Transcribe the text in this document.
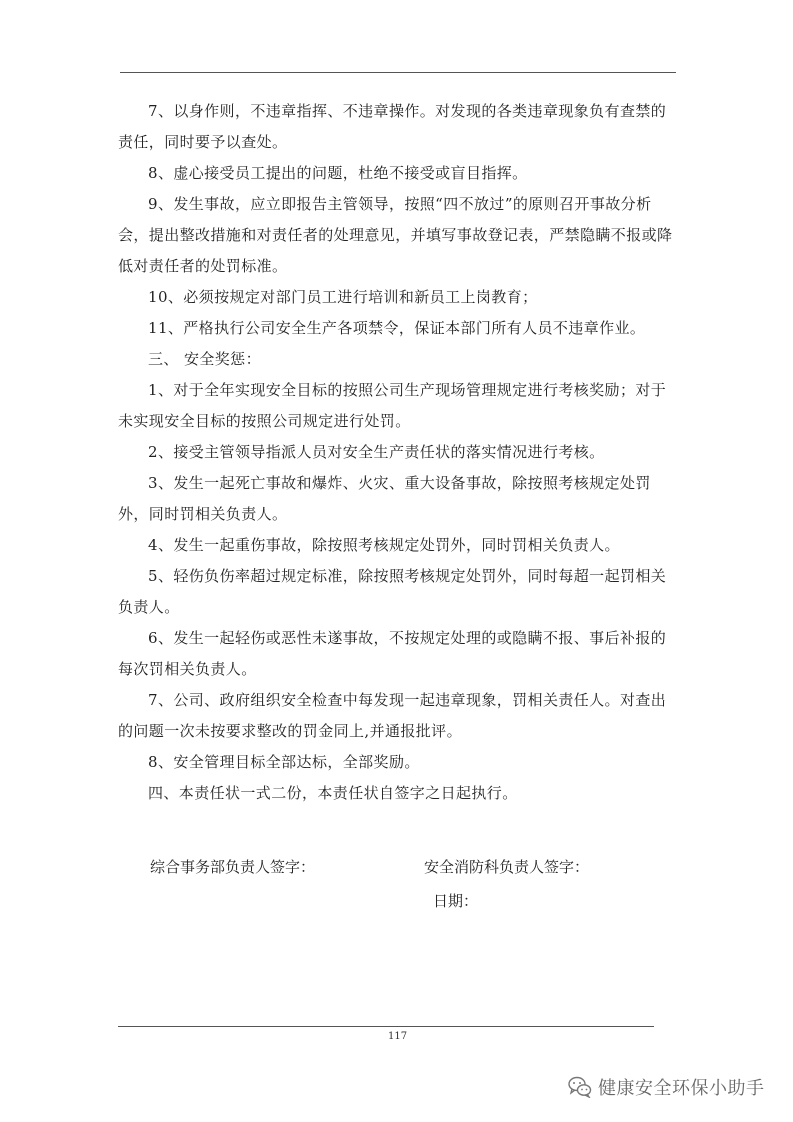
7、以身作则，不违章指挥、不违章操作。对发现的各类违章现象负有查禁的责任，同时要予以查处。

8、虚心接受员工提出的问题，杜绝不接受或盲目指挥。

9、发生事故，应立即报告主管领导，按照“四不放过”的原则召开事故分析会，提出整改措施和对责任者的处理意见，并填写事故登记表，严禁隐瞒不报或降低对责任者的处罚标准。

10、必须按规定对部门员工进行培训和新员工上岗教育；

11、严格执行公司安全生产各项禁令，保证本部门所有人员不违章作业。

三、 安全奖惩：

1、对于全年实现安全目标的按照公司生产现场管理规定进行考核奖励；对于未实现安全目标的按照公司规定进行处罚。

2、接受主管领导指派人员对安全生产责任状的落实情况进行考核。

3、发生一起死亡事故和爆炸、火灾、重大设备事故，除按照考核规定处罚外，同时罚相关负责人。

4、发生一起重伤事故，除按照考核规定处罚外，同时罚相关负责人。

5、轻伤负伤率超过规定标准，除按照考核规定处罚外，同时每超一起罚相关负责人。

6、发生一起轻伤或恶性未遂事故，不按规定处理的或隐瞒不报、事后补报的每次罚相关负责人。

7、公司、政府组织安全检查中每发现一起违章现象，罚相关责任人。对查出的问题一次未按要求整改的罚金同上,并通报批评。

8、安全管理目标全部达标，全部奖励。

四、本责任状一式二份，本责任状自签字之日起执行。

综合事务部负责人签字：	安全消防科负责人签字：
日期：
117
健康安全环保小助手
